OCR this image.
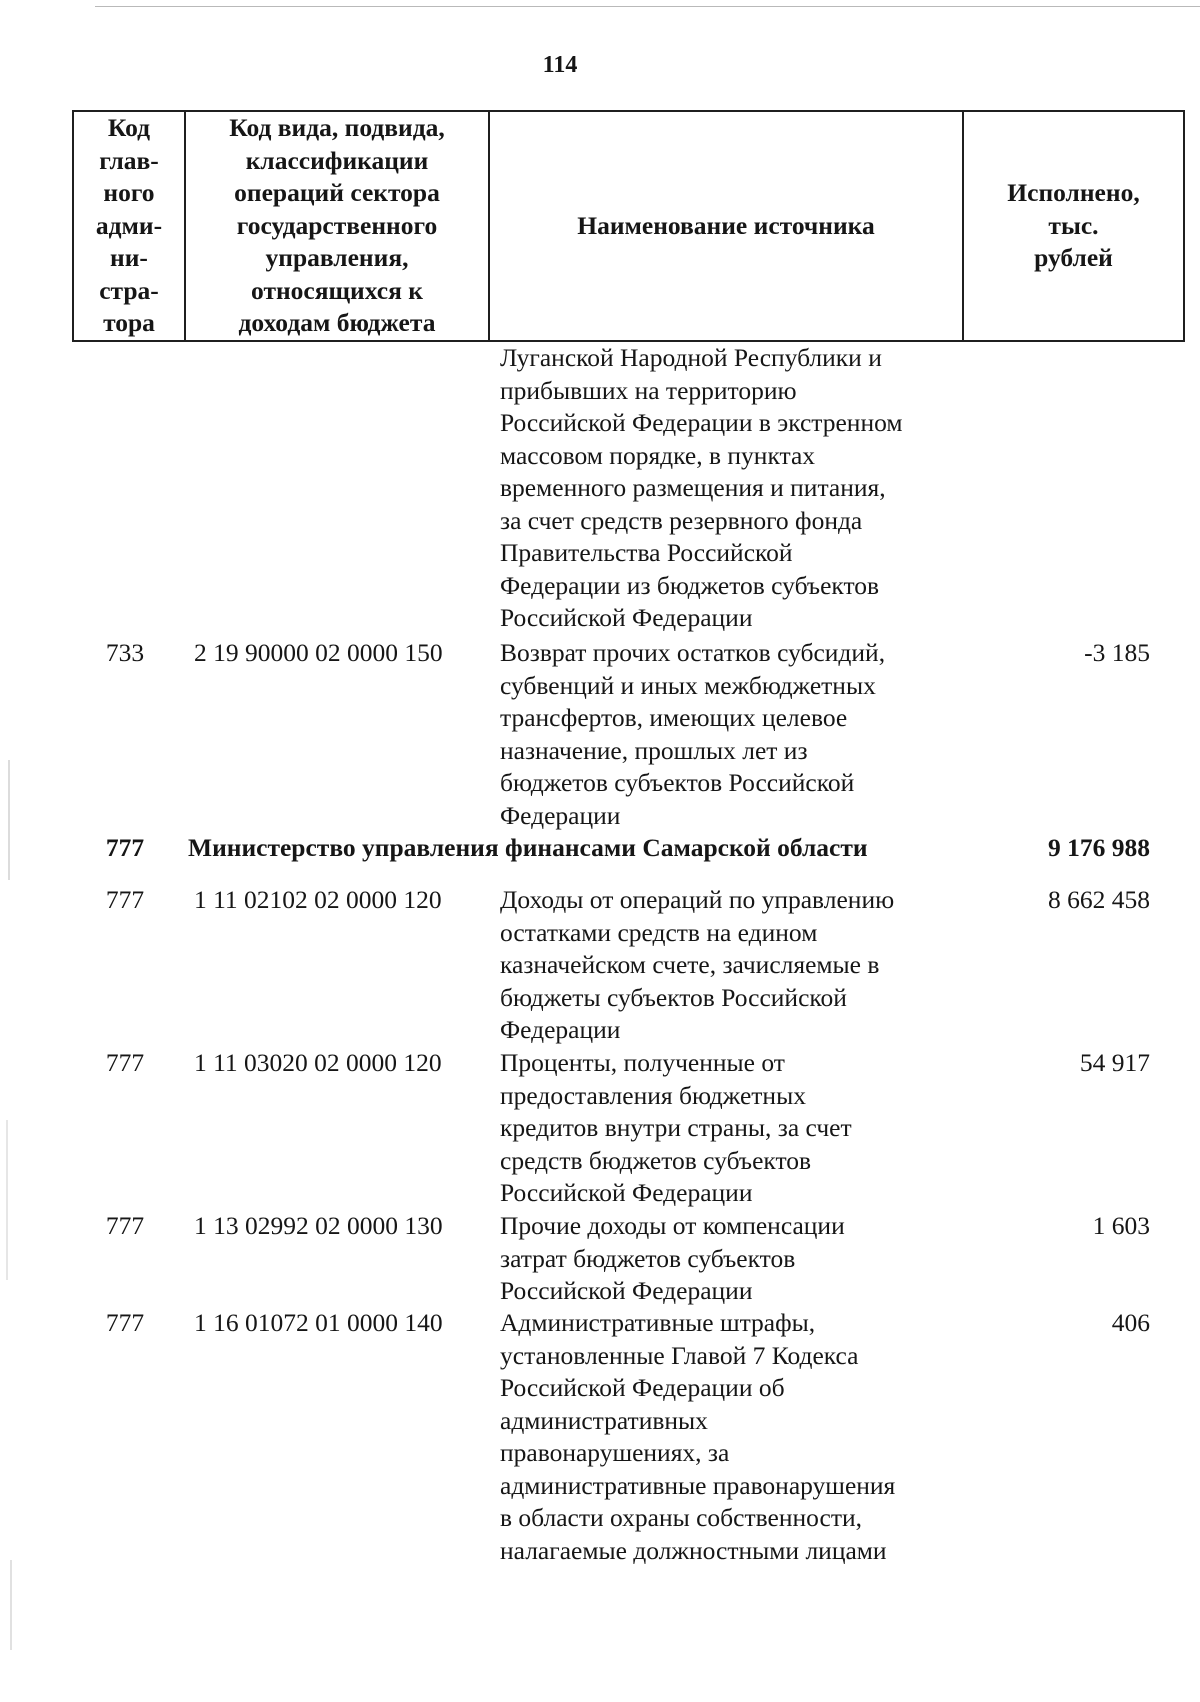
114
Код
глав-
ного
адми-
ни-
стра-
тора

Код вида, подвида,
классификации
операций сектора
государственного
управления,
относящихся к
доходам бюджета

Наименование источника

Исполнено,
тыс.
рублей
Луганской Народной Республики и
прибывших на территорию
Российской Федерации в экстренном
массовом порядке, в пунктах
временного размещения и питания,
за счет средств резервного фонда
Правительства Российской
Федерации из бюджетов субъектов
Российской Федерации
733	2 19 90000 02 0000 150 Возврат прочих остатков субсидий,
субвенций и иных межбюджетных
трансфертов, имеющих целевое
назначение, прошлых лет из
бюджетов субъектов Российской
Федерации
-3 185
777	Министерство управления финансами Самарской области	9 176 988
777	1 11 02102 02 0000 120 Доходы от операций по управлению
остатками средств на едином
казначейском счете, зачисляемые в
бюджеты субъектов Российской
Федерации
8 662 458
777	1 11 03020 02 0000 120 Проценты, полученные от
предоставления бюджетных
кредитов внутри страны, за счет
средств бюджетов субъектов
Российской Федерации
54 917
777	1 13 02992 02 0000 130 Прочие доходы от компенсации
затрат бюджетов субъектов
Российской Федерации
1 603
777	1 16 01072 01 0000 140 Административные штрафы,
установленные Главой 7 Кодекса
Российской Федерации об
административных
правонарушениях, за
административные правонарушения
в области охраны собственности,
налагаемые должностными лицами
406
